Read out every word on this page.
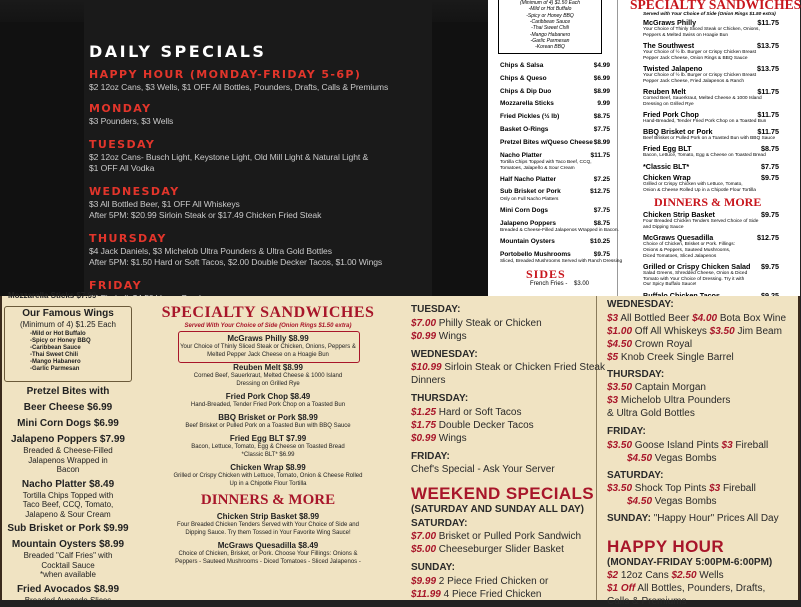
DAILY SPECIALS
HAPPY HOUR (MONDAY-FRIDAY 5-6P)
$2 12oz Cans, $3 Wells, $1 OFF All Bottles, Pounders, Drafts, Calls & Premiums
MONDAY
$3 Pounders, $3 Wells
TUESDAY
$2 12oz Cans- Busch Light, Keystone Light, Old Mill Light & Natural Light &
$1 OFF All Vodka
WEDNESDAY
$3 All Bottled Beer, $1 OFF All Whiskeys
After 5PM: $20.99 Sirloin Steak or $17.49 Chicken Fried Steak
THURSDAY
$4 Jack Daniels, $3 Michelob Ultra Pounders & Ultra Gold Bottles
After 5PM: $1.50 Hard or Soft Tacos, $2.00 Double Decker Tacos, $1.00 Wings
FRIDAY
(Minimum of 4) $1.50 Each
-Mild or Hot Buffalo
-Spicy or Honey BBQ
-Caribbean Sauce
-Thai Sweet Chili
-Mango Habanero
-Garlic Parmesan
-Korean BBQ
Chips & Salsa	$4.99
Chips & Queso	$6.99
Chips & Dip Duo	$8.99
Mozzarella Sticks	9.99
Fried Pickles (½ lb)	$8.75
Basket O-Rings	$7.75
Pretzel Bites w/Queso Cheese $8.99
Nacho Platter	$11.75
Tortilla Chips Topped with Taco Beef, CCQ,
Tomatoes, Jalapeño & Sour Cream
Half Nacho Platter	$7.25
Sub Brisket or Pork	$12.75
Only on Full Nacho Platters
Mini Corn Dogs	$7.75
Jalapeno Poppers	$8.75
Breaded & Cheese-Filled Jalapenos Wrapped in Bacon.
Mountain Oysters	$10.25
Portobello Mushrooms	$9.75
Sliced, Breaded Mushrooms Served with Ranch Dressing
SIDES
French Fries - $3.00
SPECIALTY SANDWICHES
Served with Your Choice of Side (Onion Rings $1.50 extra)
McGraws Philly	$11.75
Your Choice of Thinly Sliced Steak or Chicken, Onions,
Peppers & Melted Swiss on Hoagie Bun
The Southwest	$13.75
Your Choice of ½ lb. Burger or Crispy Chicken Breast
Pepper Jack Cheese, Onion Rings & BBQ Sauce
Twisted Jalapeno	$13.75
Your Choice of ½ lb. Burger or Crispy Chicken Breast
Pepper Jack Cheese, Fried Jalapenos & Ranch
Reuben Melt	$11.75
Corned Beef, Sauerkraut, Melted Cheese & 1000 Island
Dressing on Grilled Rye
Fried Pork Chop	$11.75
Hand-Breaded, Tender Fried Pork Chop on a Toasted Bun
BBQ Brisket or Pork	$11.75
Beef Brisket or Pulled Pork on a Toasted Bun with BBQ Sauce
Fried Egg BLT	$8.75
Bacon, Lettuce, Tomato, Egg & Cheese on Toasted Bread
*Classic BLT*	$7.75
Chicken Wrap	$9.75
Grilled or Crispy Chicken with Lettuce, Tomato,
Onion & Cheese Rolled Up in a Chipotle Flour Tortilla
DINNERS & MORE
Chicken Strip Basket	$9.75
Four Breaded Chicken Tenders Served Choice of Side
and Dipping Sauce
McGraws Quesadilla	$12.75
Choice of Chicken, Brisket or Pork. Fillings:
Onions & Peppers, Sauteed Mushrooms,
Diced Tomatoes, Sliced Jalapenos
Grilled or Crispy Chicken Salad	$9.75
Salad Greens, Shredded Cheese, Onion & Diced
Tomato with Your Choice of Dressing. Try it with
Our Spicy Buffalo Sauce!
Mozzarella Sticks $7.99
Our Famous Wings
(Minimum of 4) $1.25 Each
-Mild or Hot Buffalo
-Spicy or Honey BBQ
-Caribbean Sauce
-Thai Sweet Chili
-Mango Habanero
-Garlic Parmesan
Pretzel Bites with
Beer Cheese $6.99
Mini Corn Dogs $6.99
Jalapeno Poppers $7.99
Breaded & Cheese-Filled
Jalapenos Wrapped in
Bacon
Nacho Platter $8.49
Tortilla Chips Topped with
Taco Beef, CCQ, Tomato,
Jalapeno & Sour Cream
Sub Brisket or Pork $9.99
Mountain Oysters $8.99
Breaded "Calf Fries" with
Cocktail Sauce
*when available
Fried Avocados $8.99
Breaded Avocado Slices
SPECIALTY SANDWICHES
Served With Your Choice of Side (Onion Rings $1.50 extra)
McGraws Philly $8.99
Your Choice of Thinly Sliced Steak or Chicken, Onions, Peppers &
Melted Pepper Jack Cheese on a Hoagie Bun
Reuben Melt $8.99
Corned Beef, Sauerkraut, Melted Cheese & 1000 Island
Dressing on Grilled Rye
Fried Pork Chop $8.49
Hand-Breaded, Tender Fried Pork Chop on a Toasted Bun
BBQ Brisket or Pork $8.99
Beef Brisket or Pulled Pork on a Toasted Bun with BBQ Sauce
Fried Egg BLT $7.99
Bacon, Lettuce, Tomato, Egg & Cheese on Toasted Bread
*Classic BLT* $6.99
Chicken Wrap $8.99
Grilled or Crispy Chicken with Lettuce, Tomato, Onion & Cheese Rolled
Up in a Chipotle Flour Tortilla
DINNERS & MORE
Chicken Strip Basket $8.99
Four Breaded Chicken Tenders Served with Your Choice of Side and
Dipping Sauce. Try them Tossed in Your Favorite Wing Sauce!
McGraws Quesadilla $8.49
Choice of Chicken, Brisket, or Pork. Choose Your Fillings: Onions &
Peppers - Sauteed Mushrooms - Diced Tomatoes - Sliced Jalapenos -
TUESDAY:
$7.00 Philly Steak or Chicken
$0.99 Wings
WEDNESDAY:
$10.99 Sirloin Steak or Chicken Fried Steak
Dinners
THURSDAY:
$1.25 Hard or Soft Tacos
$1.75 Double Decker Tacos
$0.99 Wings
FRIDAY:
Chef's Special - Ask Your Server
WEEKEND SPECIALS
(SATURDAY AND SUNDAY ALL DAY)
SATURDAY:
$7.00 Brisket or Pulled Pork Sandwich
$5.00 Cheeseburger Slider Basket
SUNDAY:
$9.99 2 Piece Fried Chicken or
$11.99 4 Piece Fried Chicken
WEDNESDAY:
$3 All Bottled Beer $4.00 Bota Box Wine
$1.00 Off All Whiskeys $3.50 Jim Beam
$4.50 Crown Royal
$5 Knob Creek Single Barrel
THURSDAY:
$3.50 Captain Morgan
$3 Michelob Ultra Pounders
& Ultra Gold Bottles
FRIDAY:
$3.50 Goose Island Pints $3 Fireball
$4.50 Vegas Bombs
SATURDAY:
$3.50 Shock Top Pints $3 Fireball
$4.50 Vegas Bombs
SUNDAY: "Happy Hour" Prices All Day
HAPPY HOUR
(MONDAY-FRIDAY 5:00PM-6:00PM)
$2 12oz Cans $2.50 Wells
$1 Off All Bottles, Pounders, Drafts,
Calls & Premiums
